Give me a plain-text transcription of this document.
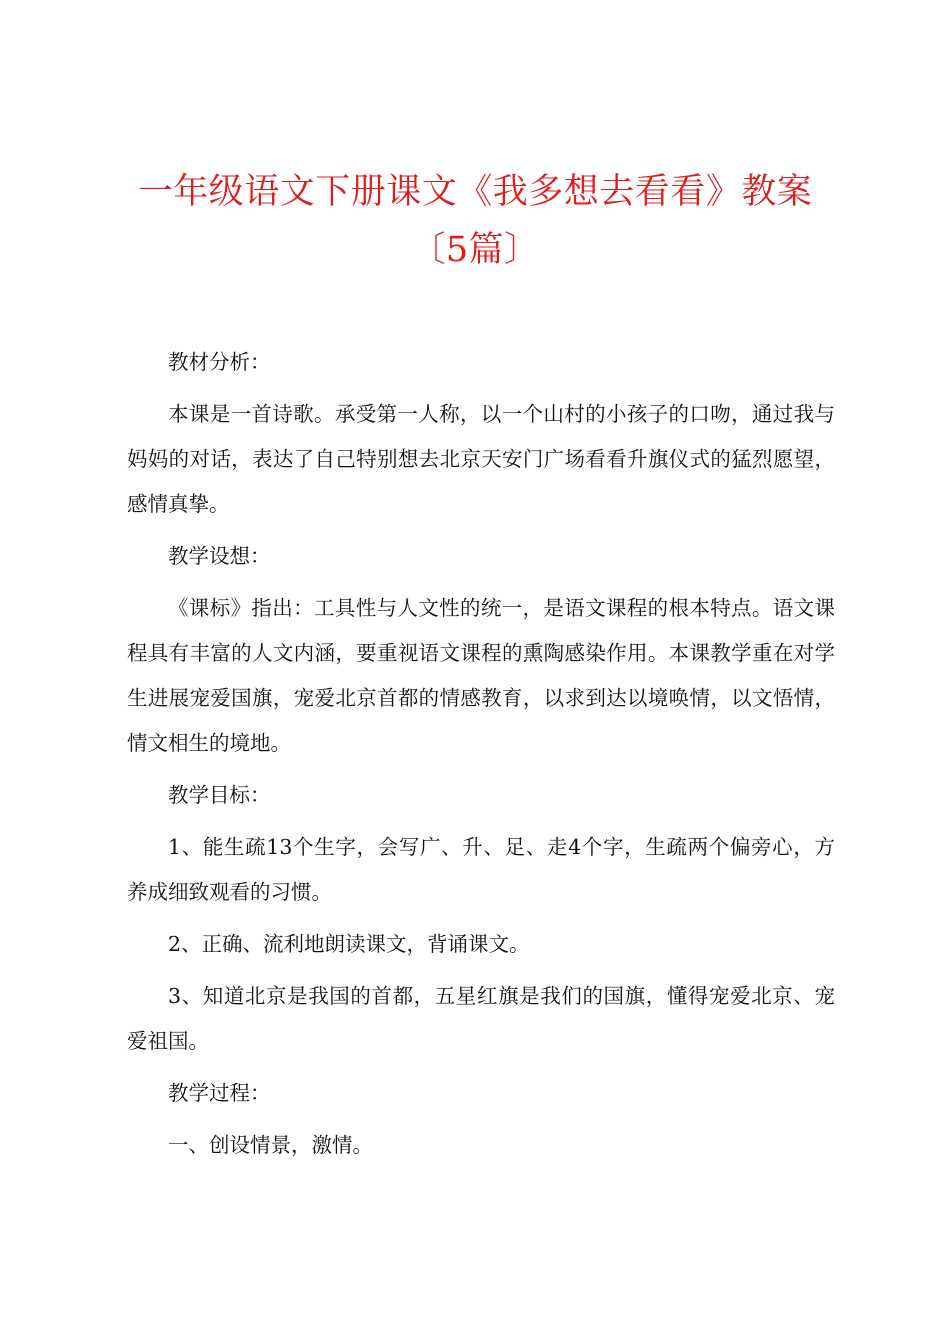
一年级语文下册课文《我多想去看看》教案〔5篇〕

教材分析：

本课是一首诗歌。承受第一人称，以一个山村的小孩子的口吻，通过我与妈妈的对话，表达了自己特别想去北京天安门广场看看升旗仪式的猛烈愿望，感情真挚。

教学设想：

《课标》指出：工具性与人文性的统一，是语文课程的根本特点。语文课程具有丰富的人文内涵，要重视语文课程的熏陶感染作用。本课教学重在对学生进展宠爱国旗，宠爱北京首都的情感教育，以求到达以境唤情，以文悟情，情文相生的境地。

教学目标：

1、能生疏13个生字，会写广、升、足、走4个字，生疏两个偏旁心，方养成细致观看的习惯。

2、正确、流利地朗读课文，背诵课文。

3、知道北京是我国的首都，五星红旗是我们的国旗，懂得宠爱北京、宠爱祖国。

教学过程：

一、创设情景，激情。
